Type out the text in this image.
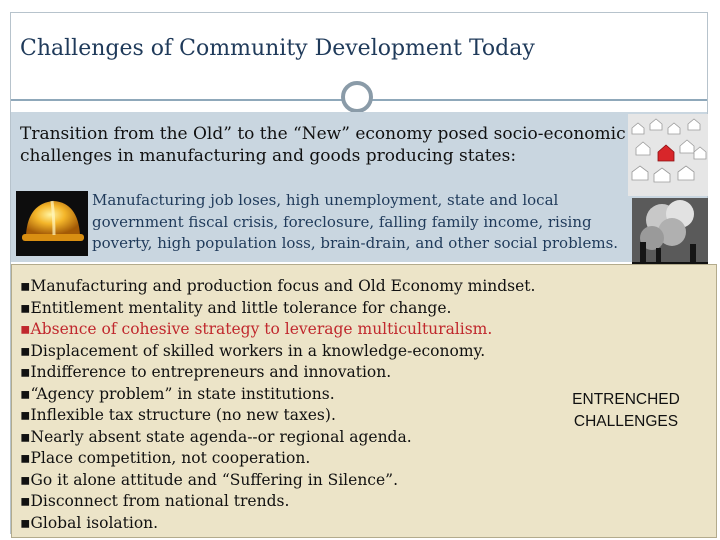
Challenges of Community Development Today
Transition from the Old” to the “New” economy posed socio-economic challenges in manufacturing and goods producing states:
Manufacturing job loses, high unemployment, state and local government fiscal crisis, foreclosure, falling family income, rising poverty, high population loss, brain-drain, and other social problems.
▪Manufacturing and production focus and Old Economy mindset.
▪Entitlement mentality and little tolerance for change.
▪Absence of cohesive strategy to leverage multiculturalism.
▪Displacement of skilled workers in a knowledge-economy.
▪Indifference to entrepreneurs and innovation.
▪“Agency problem” in state institutions.
▪Inflexible tax structure (no new taxes).
▪Nearly absent state agenda--or regional agenda.
▪Place competition, not cooperation.
▪Go it alone attitude and “Suffering in Silence”.
▪Disconnect from national trends.
▪Global isolation.
ENTRENCHED
CHALLENGES
